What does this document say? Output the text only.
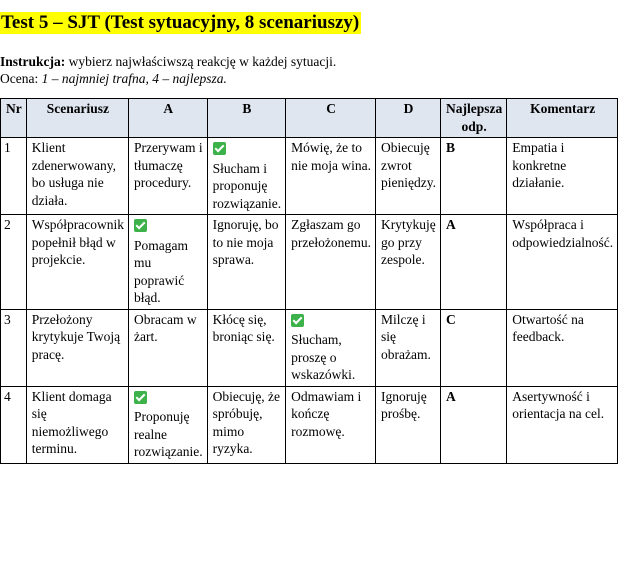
Test 5 – SJT (Test sytuacyjny, 8 scenariuszy)
Instrukcja: wybierz najwłaściwszą reakcję w każdej sytuacji.
Ocena: 1 – najmniej trafna, 4 – najlepsza.
Nr	Scenariusz	A	B	C	D	Najlepsza odp.	Komentarz

1	Klient zdenerwowany, bo usługa nie działa.	Przerywam i tłumaczę procedury.	Słucham i proponuję rozwiązanie.	Mówię, że to nie moja wina.	Obiecuję zwrot pieniędzy.	B	Empatia i konkretne działanie.

2	Współpracownik popełnił błąd w projekcie.	Pomagam mu poprawić błąd.	Ignoruję, bo to nie moja sprawa.	Zgłaszam go przełożonemu.	Krytykuję go przy zespole.	A	Współpraca i odpowiedzialność.

3	Przełożony krytykuje Twoją pracę.	Obracam w żart.	Kłócę się, broniąc się.	Słucham, proszę o wskazówki.	Milczę i się obrażam.	C	Otwartość na feedback.

4	Klient domaga się niemożliwego terminu.	Proponuję realne rozwiązanie.	Obiecuję, że spróbuję, mimo ryzyka.	Odmawiam i kończę rozmowę.	Ignoruję prośbę.	A	Asertywność i orientacja na cel.
